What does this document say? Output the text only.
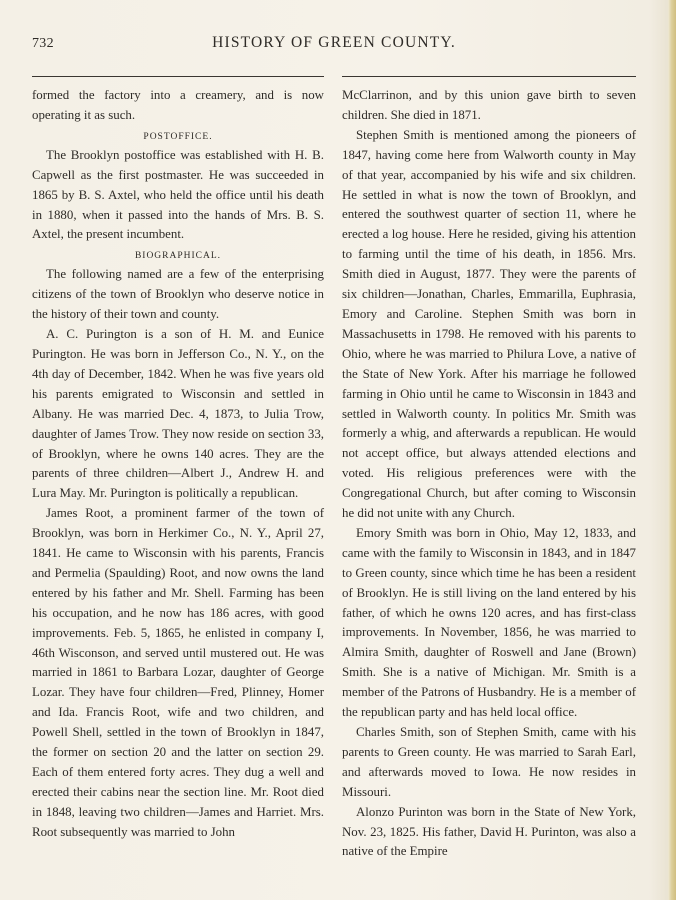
732	HISTORY OF GREEN COUNTY.

formed the factory into a creamery, and is now operating it as such.

POSTOFFICE.

The Brooklyn postoffice was established with H. B. Capwell as the first postmaster. He was succeeded in 1865 by B. S. Axtel, who held the office until his death in 1880, when it passed into the hands of Mrs. B. S. Axtel, the present incumbent.

BIOGRAPHICAL.

The following named are a few of the enterprising citizens of the town of Brooklyn who deserve notice in the history of their town and county.

A. C. Purington is a son of H. M. and Eunice Purington. He was born in Jefferson Co., N. Y., on the 4th day of December, 1842. When he was five years old his parents emigrated to Wisconsin and settled in Albany. He was married Dec. 4, 1873, to Julia Trow, daughter of James Trow. They now reside on section 33, of Brooklyn, where he owns 140 acres. They are the parents of three children—Albert J., Andrew H. and Lura May. Mr. Purington is politically a republican.

James Root, a prominent farmer of the town of Brooklyn, was born in Herkimer Co., N. Y., April 27, 1841. He came to Wisconsin with his parents, Francis and Permelia (Spaulding) Root, and now owns the land entered by his father and Mr. Shell. Farming has been his occupation, and he now has 186 acres, with good improvements. Feb. 5, 1865, he enlisted in company I, 46th Wisconson, and served until mustered out. He was married in 1861 to Barbara Lozar, daughter of George Lozar. They have four children—Fred, Plinney, Homer and Ida. Francis Root, wife and two children, and Powell Shell, settled in the town of Brooklyn in 1847, the former on section 20 and the latter on section 29. Each of them entered forty acres. They dug a well and erected their cabins near the section line. Mr. Root died in 1848, leaving two children—James and Harriet. Mrs. Root subsequently was married to John

McClarrinon, and by this union gave birth to seven children. She died in 1871.

Stephen Smith is mentioned among the pioneers of 1847, having come here from Walworth county in May of that year, accompanied by his wife and six children. He settled in what is now the town of Brooklyn, and entered the southwest quarter of section 11, where he erected a log house. Here he resided, giving his attention to farming until the time of his death, in 1856. Mrs. Smith died in August, 1877. They were the parents of six children—Jonathan, Charles, Emmarilla, Euphrasia, Emory and Caroline. Stephen Smith was born in Massachusetts in 1798. He removed with his parents to Ohio, where he was married to Philura Love, a native of the State of New York. After his marriage he followed farming in Ohio until he came to Wisconsin in 1843 and settled in Walworth county. In politics Mr. Smith was formerly a whig, and afterwards a republican. He would not accept office, but always attended elections and voted. His religious preferences were with the Congregational Church, but after coming to Wisconsin he did not unite with any Church.

Emory Smith was born in Ohio, May 12, 1833, and came with the family to Wisconsin in 1843, and in 1847 to Green county, since which time he has been a resident of Brooklyn. He is still living on the land entered by his father, of which he owns 120 acres, and has first-class improvements. In November, 1856, he was married to Almira Smith, daughter of Roswell and Jane (Brown) Smith. She is a native of Michigan. Mr. Smith is a member of the Patrons of Husbandry. He is a member of the republican party and has held local office.

Charles Smith, son of Stephen Smith, came with his parents to Green county. He was married to Sarah Earl, and afterwards moved to Iowa. He now resides in Missouri.

Alonzo Purinton was born in the State of New York, Nov. 23, 1825. His father, David H. Purinton, was also a native of the Empire
